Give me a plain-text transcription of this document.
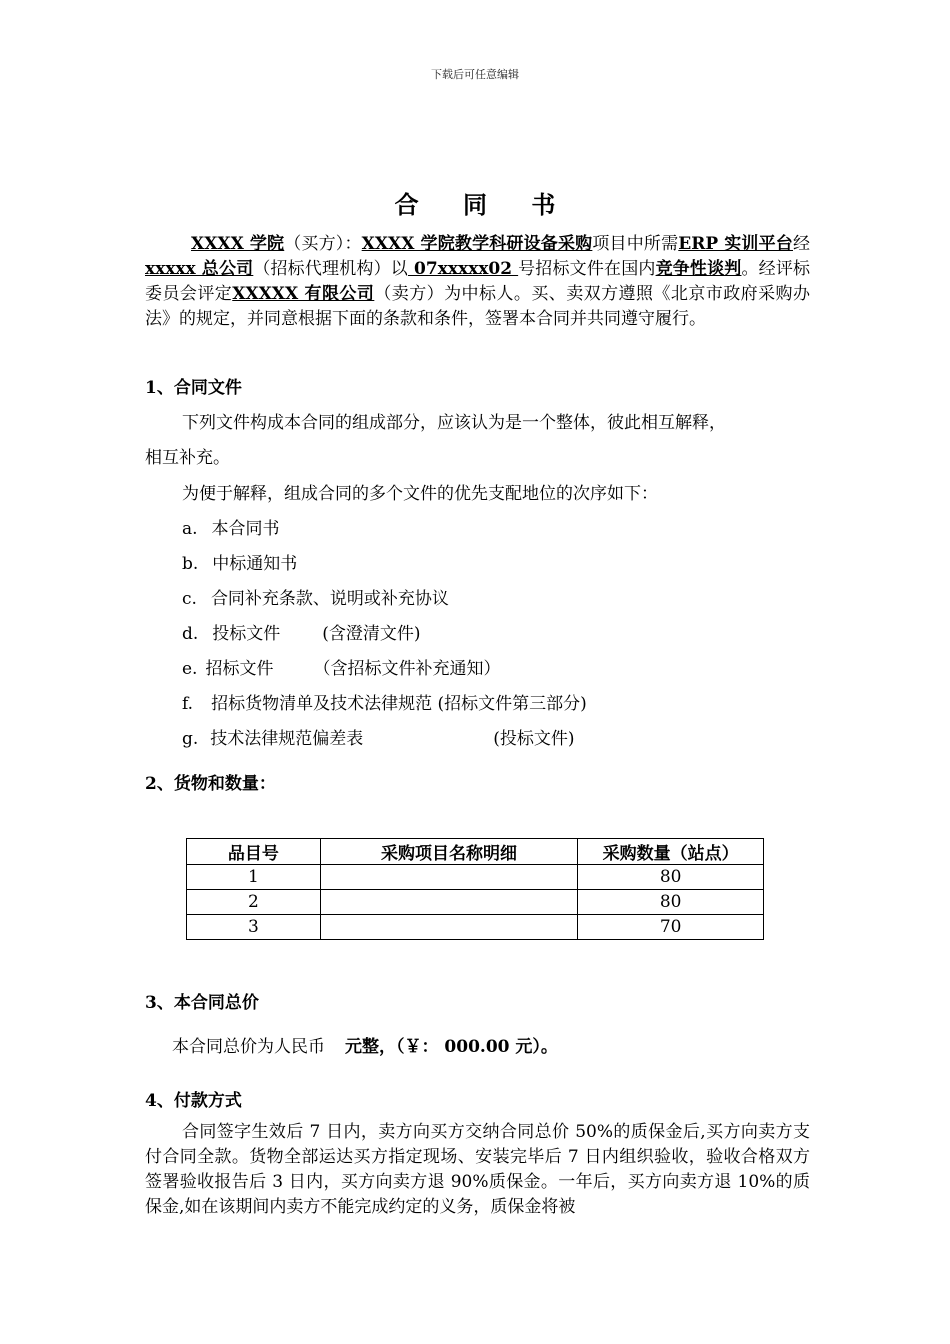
下载后可任意编辑
合 同 书
XXXX 学院（买方）：XXXX 学院教学科研设备采购项目中所需ERP 实训平台经xxxxx 总公司（招标代理机构）以 07xxxxx02 号招标文件在国内竞争性谈判。经评标委员会评定XXXXX 有限公司（卖方）为中标人。买、卖双方遵照《北京市政府采购办法》的规定，并同意根据下面的条款和条件，签署本合同并共同遵守履行。
1、合同文件
下列文件构成本合同的组成部分，应该认为是一个整体，彼此相互解释，
相互补充。
为便于解释，组成合同的多个文件的优先支配地位的次序如下：
a. 本合同书
b. 中标通知书
c. 合同补充条款、说明或补充协议
d. 投标文件 (含澄清文件)
e. 招标文件 （含招标文件补充通知）
f. 招标货物清单及技术法律规范 (招标文件第三部分)
g. 技术法律规范偏差表	(投标文件)
2、货物和数量：
品目号	采购项目名称明细	采购数量（站点）
1		80
2		80
3		70
3、本合同总价
本合同总价为人民币 元整，（￥： 000.00 元）。
4、付款方式
合同签字生效后 7 日内，卖方向买方交纳合同总价 50%的质保金后,买方向卖方支付合同全款。货物全部运达买方指定现场、安装完毕后 7 日内组织验收，验收合格双方签署验收报告后 3 日内，买方向卖方退 90%质保金。一年后，买方向卖方退 10%的质保金,如在该期间内卖方不能完成约定的义务，质保金将被
